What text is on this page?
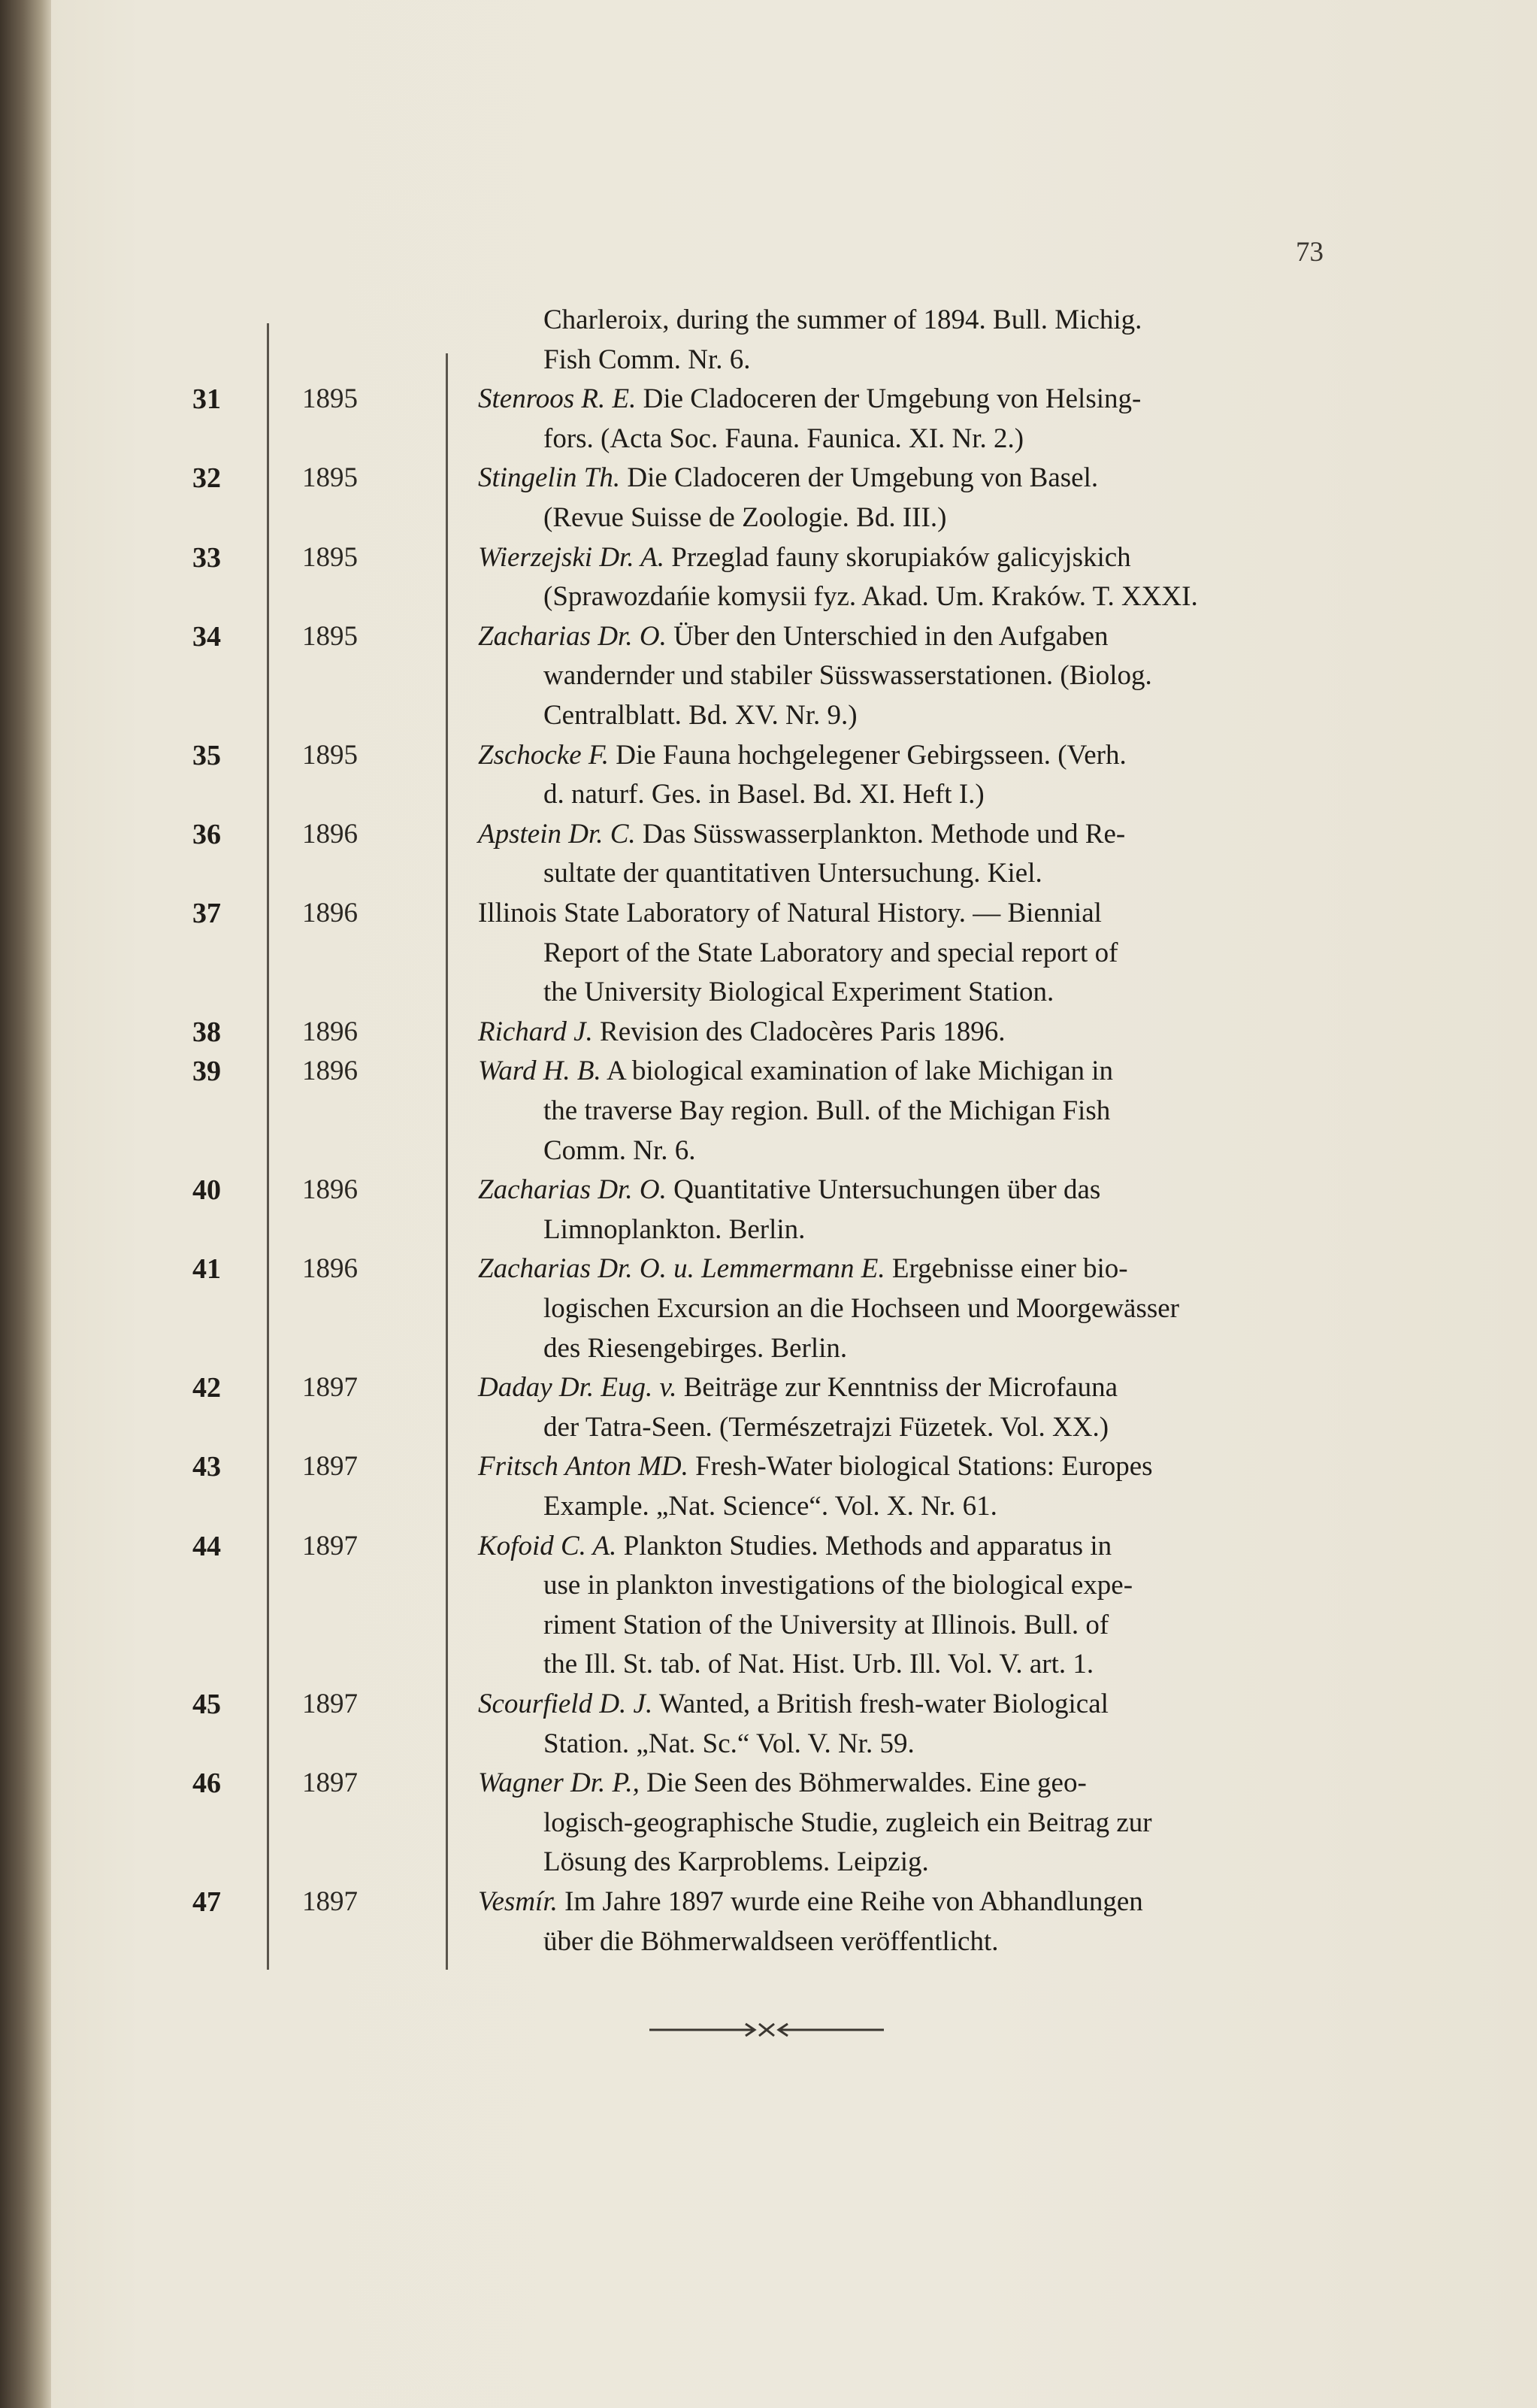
73
Charleroix, during the summer of 1894. Bull. Michig.
Fish Comm. Nr. 6.
31	1895	Stenroos R. E. Die Cladoceren der Umgebung von Helsing-
fors. (Acta Soc. Fauna. Faunica. XI. Nr. 2.)
32	1895	Stingelin Th. Die Cladoceren der Umgebung von Basel.
(Revue Suisse de Zoologie. Bd. III.)
33	1895	Wierzejski Dr. A. Przeglad fauny skorupiaków galicyjskich
(Sprawozdańie komysii fyz. Akad. Um. Kraków. T. XXXI.
34	1895	Zacharias Dr. O. Über den Unterschied in den Aufgaben
wandernder und stabiler Süsswasserstationen. (Biolog.
Centralblatt. Bd. XV. Nr. 9.)
35	1895	Zschocke F. Die Fauna hochgelegener Gebirgsseen. (Verh.
d. naturf. Ges. in Basel. Bd. XI. Heft I.)
36	1896	Apstein Dr. C. Das Süsswasserplankton. Methode und Re-
sultate der quantitativen Untersuchung. Kiel.
37	1896	Illinois State Laboratory of Natural History. — Biennial
Report of the State Laboratory and special report of
the University Biological Experiment Station.
38	1896	Richard J. Revision des Cladocères Paris 1896.
39	1896	Ward H. B. A biological examination of lake Michigan in
the traverse Bay region. Bull. of the Michigan Fish
Comm. Nr. 6.
40	1896	Zacharias Dr. O. Quantitative Untersuchungen über das
Limnoplankton. Berlin.
41	1896	Zacharias Dr. O. u. Lemmermann E. Ergebnisse einer bio-
logischen Excursion an die Hochseen und Moorgewässer
des Riesengebirges. Berlin.
42	1897	Daday Dr. Eug. v. Beiträge zur Kenntniss der Microfauna
der Tatra-Seen. (Természetrajzi Füzetek. Vol. XX.)
43	1897	Fritsch Anton MD. Fresh-Water biological Stations: Europes
Example. „Nat. Science“. Vol. X. Nr. 61.
44	1897	Kofoid C. A. Plankton Studies. Methods and apparatus in
use in plankton investigations of the biological expe-
riment Station of the University at Illinois. Bull. of
the Ill. St. tab. of Nat. Hist. Urb. Ill. Vol. V. art. 1.
45	1897	Scourfield D. J. Wanted, a British fresh-water Biological
Station. „Nat. Sc.“ Vol. V. Nr. 59.
46	1897	Wagner Dr. P., Die Seen des Böhmerwaldes. Eine geo-
logisch-geographische Studie, zugleich ein Beitrag zur
Lösung des Karproblems. Leipzig.
47	1897	Vesmír. Im Jahre 1897 wurde eine Reihe von Abhandlungen
über die Böhmerwaldseen veröffentlicht.
